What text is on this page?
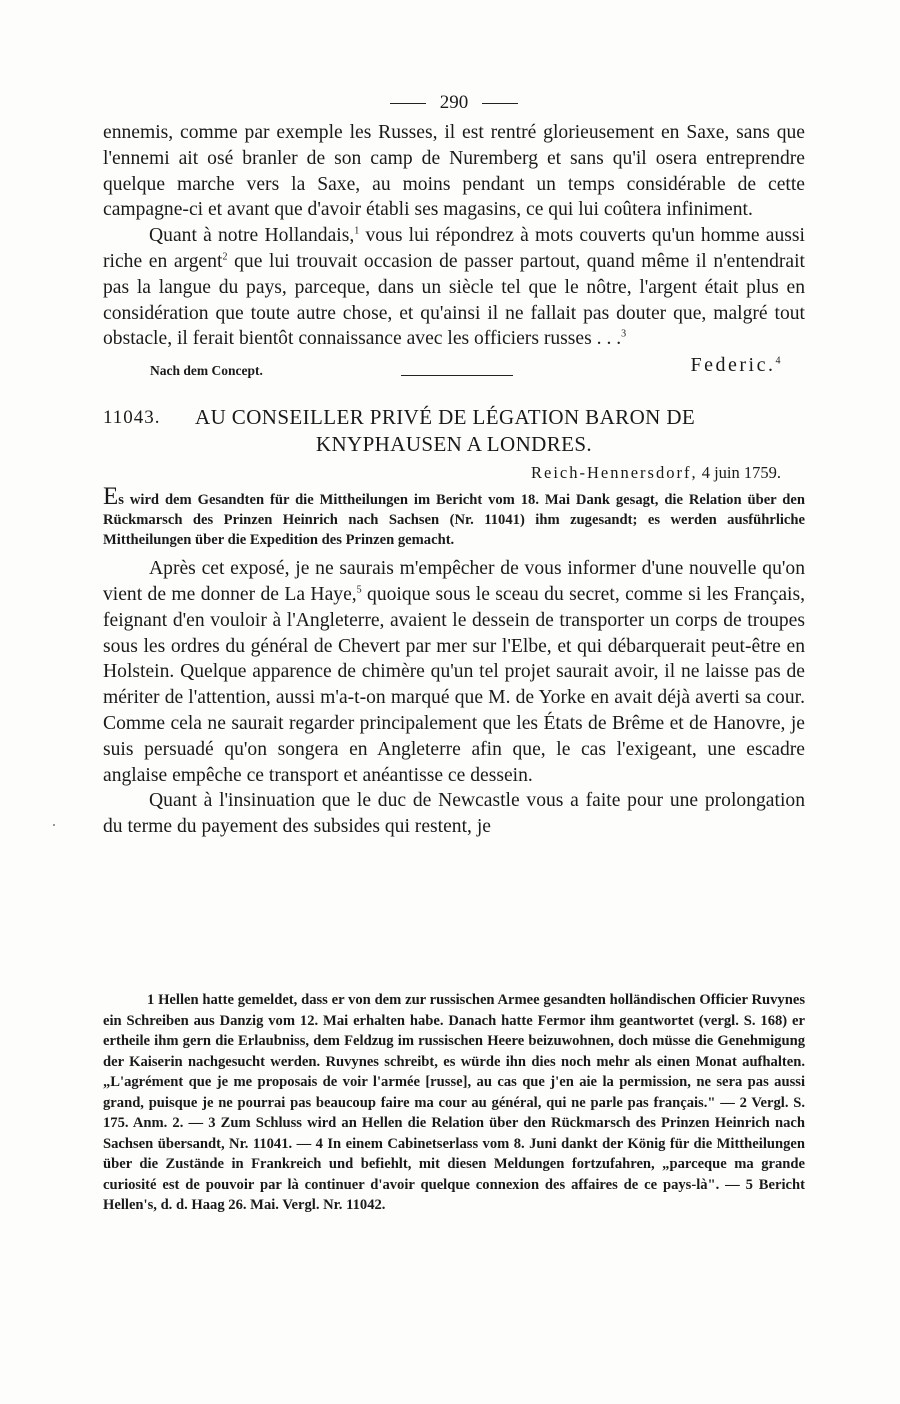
290

ennemis, comme par exemple les Russes, il est rentré glorieusement en Saxe, sans que l'ennemi ait osé branler de son camp de Nuremberg et sans qu'il osera entreprendre quelque marche vers la Saxe, au moins pendant un temps considérable de cette campagne-ci et avant que d'avoir établi ses magasins, ce qui lui coûtera infiniment.

Quant à notre Hollandais,$^1$ vous lui répondrez à mots couverts qu'un homme aussi riche en argent$^2$ que lui trouvait occasion de passer partout, quand même il n'entendrait pas la langue du pays, parceque, dans un siècle tel que le nôtre, l'argent était plus en considération que toute autre chose, et qu'ainsi il ne fallait pas douter que, malgré tout obstacle, il ferait bientôt connaissance avec les officiers russes . . .$^3$

Nach dem Concept.	Federic.$^4$
11043.	AU CONSEILLER PRIVÉ DE LÉGATION BARON DE
KNYPHAUSEN A LONDRES.
Reich-Hennersdorf, 4 juin 1759.

Es wird dem Gesandten für die Mittheilungen im Bericht vom 18. Mai Dank gesagt, die Relation über den Rückmarsch des Prinzen Heinrich nach Sachsen (Nr. 11041) ihm zugesandt; es werden ausführliche Mittheilungen über die Expedition des Prinzen gemacht.

Après cet exposé, je ne saurais m'empêcher de vous informer d'une nouvelle qu'on vient de me donner de La Haye,$^5$ quoique sous le sceau du secret, comme si les Français, feignant d'en vouloir à l'Angleterre, avaient le dessein de transporter un corps de troupes sous les ordres du général de Chevert par mer sur l'Elbe, et qui débarquerait peut-être en Holstein. Quelque apparence de chimère qu'un tel projet saurait avoir, il ne laisse pas de mériter de l'attention, aussi m'a-t-on marqué que M. de Yorke en avait déjà averti sa cour. Comme cela ne saurait regarder principalement que les États de Brême et de Hanovre, je suis persuadé qu'on songera en Angleterre afin que, le cas l'exigeant, une escadre anglaise empêche ce transport et anéantisse ce dessein.

Quant à l'insinuation que le duc de Newcastle vous a faite pour une prolongation du terme du payement des subsides qui restent, je

1 Hellen hatte gemeldet, dass er von dem zur russischen Armee gesandten holländischen Officier Ruvynes ein Schreiben aus Danzig vom 12. Mai erhalten habe. Danach hatte Fermor ihm geantwortet (vergl. S. 168) er ertheile ihm gern die Erlaubniss, dem Feldzug im russischen Heere beizuwohnen, doch müsse die Genehmigung der Kaiserin nachgesucht werden. Ruvynes schreibt, es würde ihn dies noch mehr als einen Monat aufhalten. „L'agrément que je me proposais de voir l'armée [russe], au cas que j'en aie la permission, ne sera pas aussi grand, puisque je ne pourrai pas beaucoup faire ma cour au général, qui ne parle pas français." — 2 Vergl. S. 175. Anm. 2. — 3 Zum Schluss wird an Hellen die Relation über den Rückmarsch des Prinzen Heinrich nach Sachsen übersandt, Nr. 11041. — 4 In einem Cabinetserlass vom 8. Juni dankt der König für die Mittheilungen über die Zustände in Frankreich und befiehlt, mit diesen Meldungen fortzufahren, „parceque ma grande curiosité est de pouvoir par là continuer d'avoir quelque connexion des affaires de ce pays-là". — 5 Bericht Hellen's, d. d. Haag 26. Mai. Vergl. Nr. 11042.
